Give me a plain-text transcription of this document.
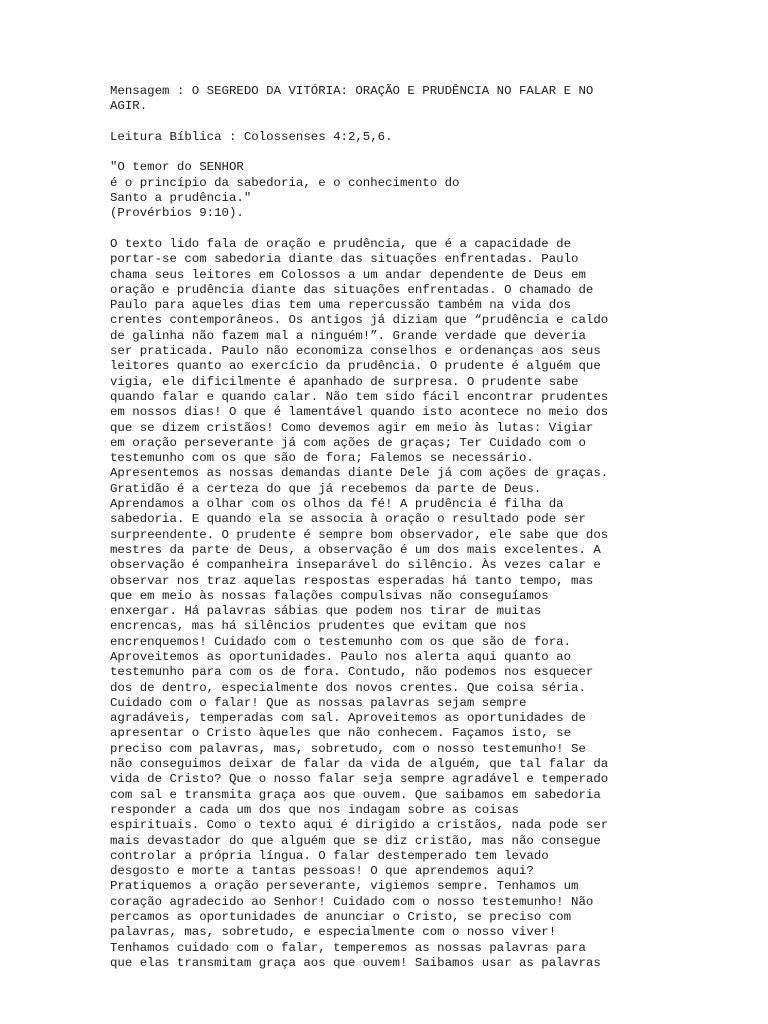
Mensagem : O SEGREDO DA VITÓRIA: ORAÇÃO E PRUDÊNCIA NO FALAR E NO
AGIR.
Leitura Bíblica : Colossenses 4:2,5,6.
"O temor do SENHOR
é o princípio da sabedoria, e o conhecimento do
Santo a prudência."
(Provérbios 9:10).
O texto lido fala de oração e prudência, que é a capacidade de
portar-se com sabedoria diante das situações enfrentadas. Paulo
chama seus leitores em Colossos a um andar dependente de Deus em
oração e prudência diante das situações enfrentadas. O chamado de
Paulo para aqueles dias tem uma repercussão também na vida dos
crentes contemporâneos. Os antigos já diziam que “prudência e caldo
de galinha não fazem mal a ninguém!”. Grande verdade que deveria
ser praticada. Paulo não economiza conselhos e ordenanças aos seus
leitores quanto ao exercício da prudência. O prudente é alguém que
vigia, ele dificilmente é apanhado de surpresa. O prudente sabe
quando falar e quando calar. Não tem sido fácil encontrar prudentes
em nossos dias! O que é lamentável quando isto acontece no meio dos
que se dizem cristãos! Como devemos agir em meio às lutas: Vigiar
em oração perseverante já com ações de graças; Ter Cuidado com o
testemunho com os que são de fora; Falemos se necessário.
Apresentemos as nossas demandas diante Dele já com ações de graças.
Gratidão é a certeza do que já recebemos da parte de Deus.
Aprendamos a olhar com os olhos da fé! A prudência é filha da
sabedoria. E quando ela se associa à oração o resultado pode ser
surpreendente. O prudente é sempre bom observador, ele sabe que dos
mestres da parte de Deus, a observação é um dos mais excelentes. A
observação é companheira inseparável do silêncio. Às vezes calar e
observar nos traz aquelas respostas esperadas há tanto tempo, mas
que em meio às nossas falações compulsivas não conseguíamos
enxergar. Há palavras sábias que podem nos tirar de muitas
encrencas, mas há silêncios prudentes que evitam que nos
encrenquemos! Cuidado com o testemunho com os que são de fora.
Aproveitemos as oportunidades. Paulo nos alerta aqui quanto ao
testemunho para com os de fora. Contudo, não podemos nos esquecer
dos de dentro, especialmente dos novos crentes. Que coisa séria.
Cuidado com o falar! Que as nossas palavras sejam sempre
agradáveis, temperadas com sal. Aproveitemos as oportunidades de
apresentar o Cristo àqueles que não conhecem. Façamos isto, se
preciso com palavras, mas, sobretudo, com o nosso testemunho! Se
não conseguimos deixar de falar da vida de alguém, que tal falar da
vida de Cristo? Que o nosso falar seja sempre agradável e temperado
com sal e transmita graça aos que ouvem. Que saibamos em sabedoria
responder a cada um dos que nos indagam sobre as coisas
espirituais. Como o texto aqui é dirigido a cristãos, nada pode ser
mais devastador do que alguém que se diz cristão, mas não consegue
controlar a própria língua. O falar destemperado tem levado
desgosto e morte a tantas pessoas! O que aprendemos aqui?
Pratiquemos a oração perseverante, vigiemos sempre. Tenhamos um
coração agradecido ao Senhor! Cuidado com o nosso testemunho! Não
percamos as oportunidades de anunciar o Cristo, se preciso com
palavras, mas, sobretudo, e especialmente com o nosso viver!
Tenhamos cuidado com o falar, temperemos as nossas palavras para
que elas transmitam graça aos que ouvem! Saibamos usar as palavras
